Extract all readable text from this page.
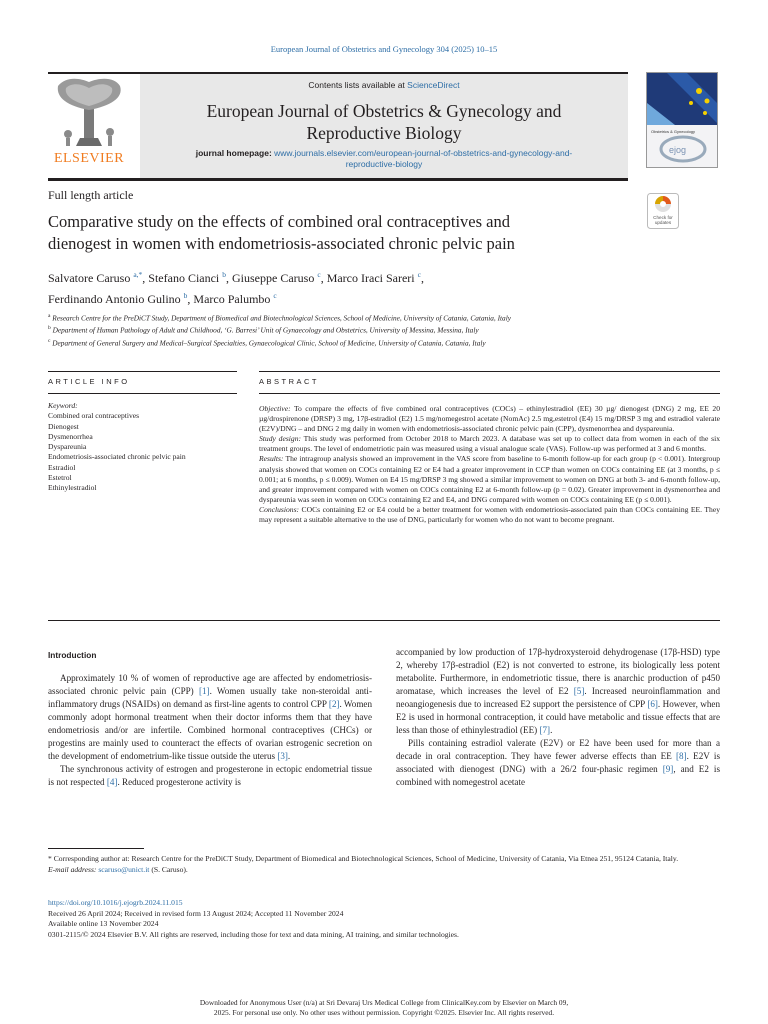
European Journal of Obstetrics and Gynecology 304 (2025) 10–15
ELSEVIER
Contents lists available at ScienceDirect
European Journal of Obstetrics & Gynecology and
Reproductive Biology
journal homepage: www.journals.elsevier.com/european-journal-of-obstetrics-and-gynecology-and-
reproductive-biology
Obstetrics & Gynecology
ejog
Full length article
Comparative study on the effects of combined oral contraceptives and
dienogest in women with endometriosis-associated chronic pelvic pain
Check for
updates
Salvatore Caruso $^{a,*}$, Stefano Cianci $^b$, Giuseppe Caruso $^c$, Marco Iraci Sareri $^c$,
Ferdinando Antonio Gulino $^b$, Marco Palumbo $^c$
$^a$ Research Centre for the PreDiCT Study, Department of Biomedical and Biotechnological Sciences, School of Medicine, University of Catania, Catania, Italy
$^b$ Department of Human Pathology of Adult and Childhood, ‘G. Barresi’ Unit of Gynaecology and Obstetrics, University of Messina, Messina, Italy
$^c$ Department of General Surgery and Medical–Surgical Specialties, Gynaecological Clinic, School of Medicine, University of Catania, Catania, Italy
ARTICLE INFO	ABSTRACT
Keyword:
Combined oral contraceptives
Dienogest
Dysmenorrhea
Dyspareunia
Endometriosis-associated chronic pelvic pain
Estradiol
Estetrol
Ethinylestradiol
Objective: To compare the effects of five combined oral contraceptives (COCs) – ethinylestradiol (EE) 30 µg/ dienogest (DNG) 2 mg, EE 20 µg/drospirenone (DRSP) 3 mg, 17β-estradiol (E2) 1.5 mg/nomegestrol acetate (NomAc) 2.5 mg,estetrol (E4) 15 mg/DRSP 3 mg and estradiol valerate (E2V)/DNG – and DNG 2 mg daily in women with endometriosis-associated chronic pelvic pain (CPP), dysmenorrhea and dyspareunia.
Study design: This study was performed from October 2018 to March 2023. A database was set up to collect data from women in each of the six treatment groups. The level of endometriotic pain was measured using a visual analogue scale (VAS). Follow-up was performed at 3 and 6 months.
Results: The intragroup analysis showed an improvement in the VAS score from baseline to 6-month follow-up for each group (p < 0.001). Intergroup analysis showed that women on COCs containing E2 or E4 had a greater improvement in CCP than women on COCs containing EE (at 3 months, p ≤ 0.001; at 6 months, p ≤ 0.009). Women on E4 15 mg/DRSP 3 mg showed a similar improvement to women on DNG at both 3- and 6-month follow-up, and greater improvement compared with women on COCs containing E2 at 6-month follow-up (p = 0.02). Greater improvement in dysmenorrhea and dyspareunia was seen in women on COCs containing E2 and E4, and DNG compared with women on COCs containing EE (p ≤ 0.001).
Conclusions: COCs containing E2 or E4 could be a better treatment for women with endometriosis-associated pain than COCs containing EE. They may represent a suitable alternative to the use of DNG, particularly for women who do not want to become pregnant.
Introduction

Approximately 10 % of women of reproductive age are affected by endometriosis-associated chronic pelvic pain (CPP) [1]. Women usually take non-steroidal anti-inflammatory drugs (NSAIDs) on demand as first-line agents to control CPP [2]. Women commonly adopt hormonal treatment when their doctor informs them that they have endometriosis and/or are infertile. Combined hormonal contraceptives (CHCs) or progestins are mainly used to counteract the effects of ovarian estrogenic secretion on the development of endometrium-like tissue outside the uterus [3].

The synchronous activity of estrogen and progesterone in ectopic endometrial tissue is not respected [4]. Reduced progesterone activity is

accompanied by low production of 17β-hydroxysteroid dehydrogenase (17β-HSD) type 2, whereby 17β-estradiol (E2) is not converted to estrone, its biologically less potent metabolite. Furthermore, in endometriotic tissue, there is anarchic production of p450 aromatase, which increases the level of E2 [5]. Increased neuroinflammation and neoangiogenesis due to increased E2 support the persistence of CPP [6]. However, when E2 is used in hormonal contraception, it could have metabolic and tissue effects that are less than those of ethinylestradiol (EE) [7].

Pills containing estradiol valerate (E2V) or E2 have been used for more than a decade in oral contraception. They have fewer adverse effects than EE [8]. E2V is associated with dienogest (DNG) with a 26/2 four-phasic regimen [9], and E2 is combined with nomegestrol acetate

* Corresponding author at: Research Centre for the PreDiCT Study, Department of Biomedical and Biotechnological Sciences, School of Medicine, University of Catania, Via Etnea 251, 95124 Catania, Italy.
E-mail address: scaruso@unict.it (S. Caruso).
https://doi.org/10.1016/j.ejogrb.2024.11.015
Received 26 April 2024; Received in revised form 13 August 2024; Accepted 11 November 2024
Available online 13 November 2024
0301-2115/© 2024 Elsevier B.V. All rights are reserved, including those for text and data mining, AI training, and similar technologies.
Downloaded for Anonymous User (n/a) at Sri Devaraj Urs Medical College from ClinicalKey.com by Elsevier on March 09,
2025. For personal use only. No other uses without permission. Copyright ©2025. Elsevier Inc. All rights reserved.
